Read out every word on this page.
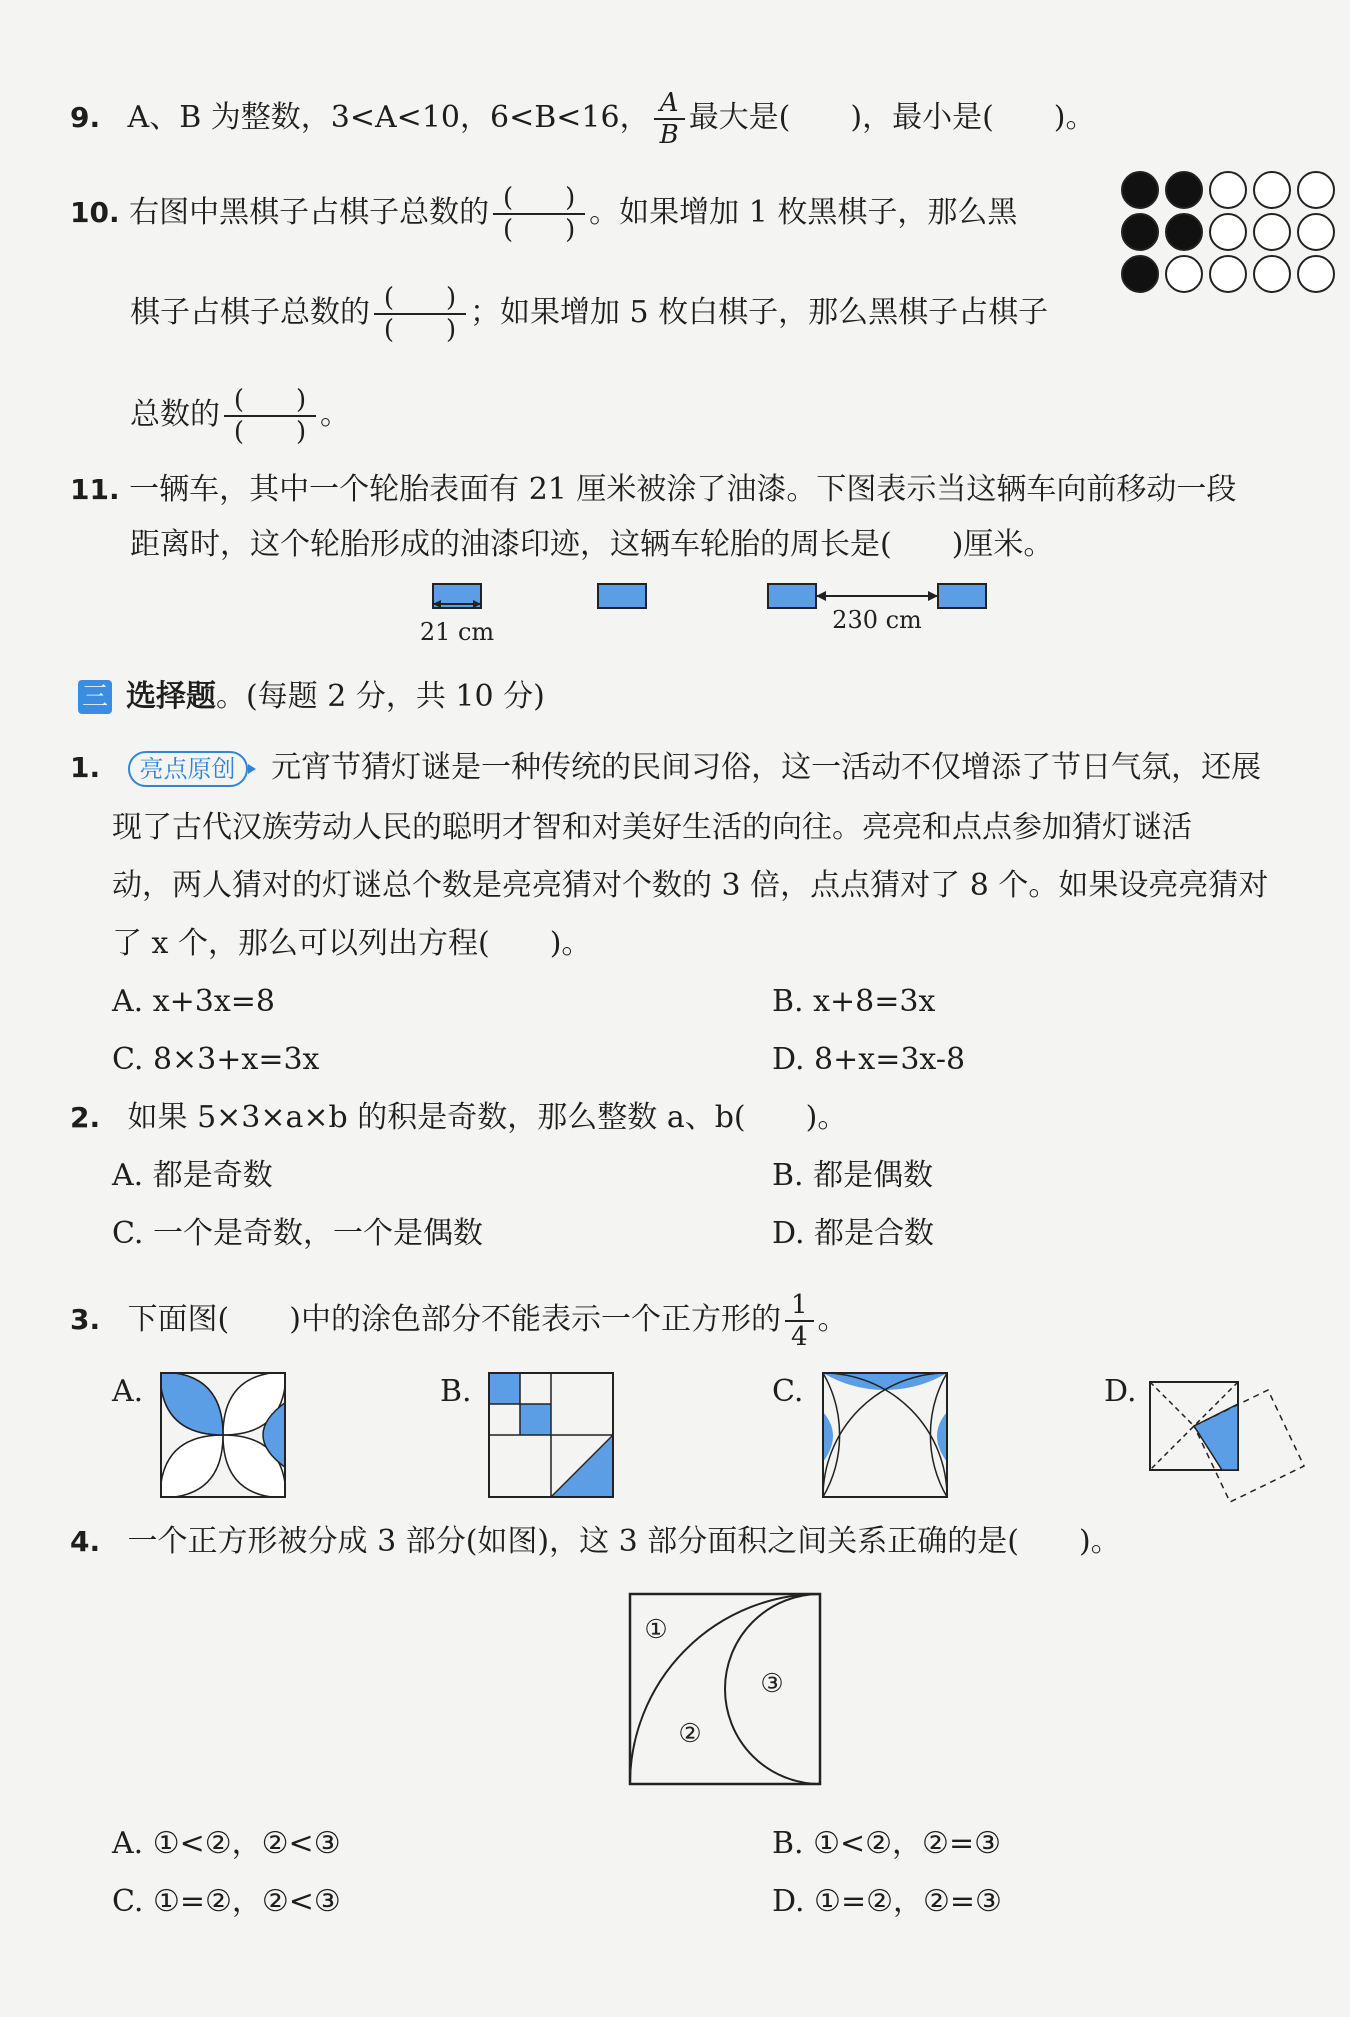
9. A、B 为整数，3<A<10，6<B<16， $\frac{A}{B}$ 最大是(　　)，最小是(　　)。
10. 右图中黑棋子占棋子总数的 $\frac{( )}{( )}$ 。如果增加 1 枚黑棋子，那么黑
棋子占棋子总数的 $\frac{( )}{( )}$ ；如果增加 5 枚白棋子，那么黑棋子占棋子
总数的 $\frac{( )}{( )}$ 。
11. 一辆车，其中一个轮胎表面有 21 厘米被涂了油漆。下图表示当这辆车向前移动一段
距离时，这个轮胎形成的油漆印迹，这辆车轮胎的周长是(　　)厘米。
21 cm	230 cm
三 选择题。(每题 2 分，共 10 分)
1. 亮点原创 元宵节猜灯谜是一种传统的民间习俗，这一活动不仅增添了节日气氛，还展
现了古代汉族劳动人民的聪明才智和对美好生活的向往。亮亮和点点参加猜灯谜活
动，两人猜对的灯谜总个数是亮亮猜对个数的 3 倍，点点猜对了 8 个。如果设亮亮猜对
了 x 个，那么可以列出方程(　　)。
A. x+3x=8	B. x+8=3x
C. 8×3+x=3x	D. 8+x=3x-8
2. 如果 5×3×a×b 的积是奇数，那么整数 a、b(　　)。
A. 都是奇数	B. 都是偶数
C. 一个是奇数，一个是偶数	D. 都是合数
3. 下面图(　　)中的涂色部分不能表示一个正方形的 $\frac{1}{4}$ 。
A.	B.	C.	D.
4. 一个正方形被分成 3 部分(如图)，这 3 部分面积之间关系正确的是(　　)。
①
②
③
A. ①<②，②<③	B. ①<②，②=③
C. ①=②，②<③	D. ①=②，②=③
